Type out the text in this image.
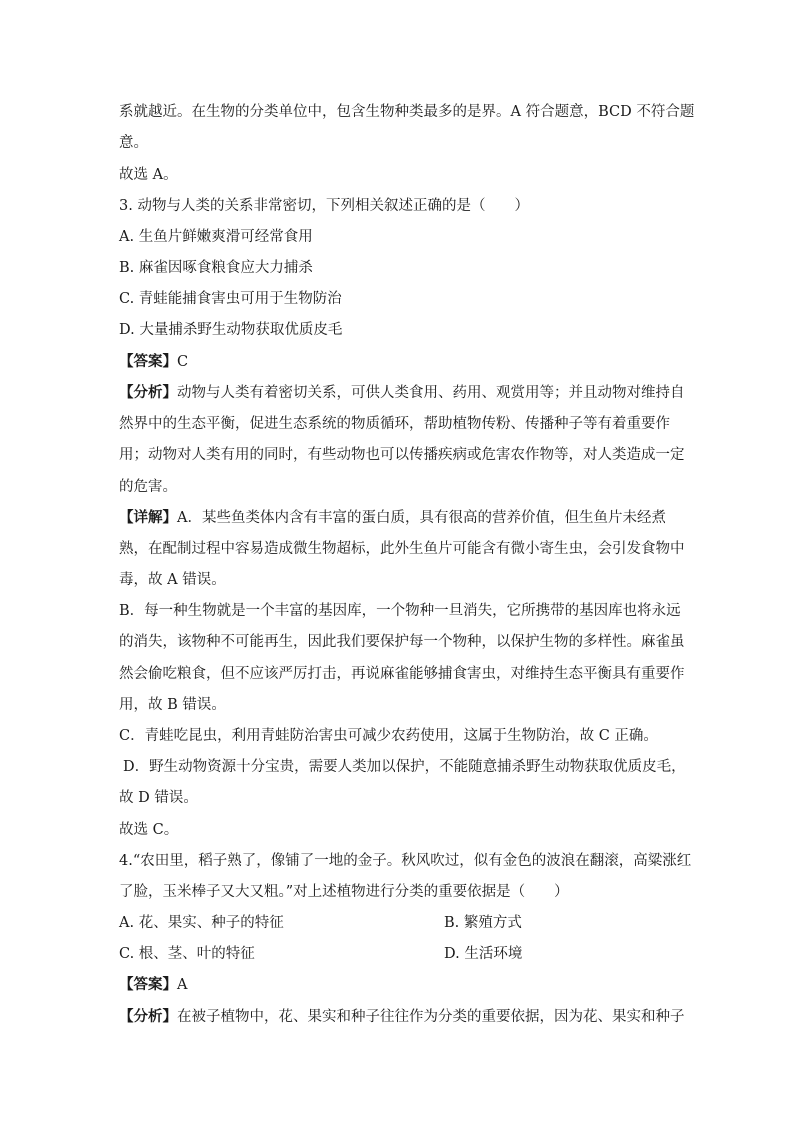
系就越近。在生物的分类单位中，包含生物种类最多的是界。A 符合题意，BCD 不符合题
意。
故选 A。
3. 动物与人类的关系非常密切，下列相关叙述正确的是（　　）
A. 生鱼片鲜嫩爽滑可经常食用
B. 麻雀因啄食粮食应大力捕杀
C. 青蛙能捕食害虫可用于生物防治
D. 大量捕杀野生动物获取优质皮毛
【答案】C
【分析】动物与人类有着密切关系，可供人类食用、药用、观赏用等；并且动物对维持自
然界中的生态平衡，促进生态系统的物质循环，帮助植物传粉、传播种子等有着重要作
用；动物对人类有用的同时，有些动物也可以传播疾病或危害农作物等，对人类造成一定
的危害。
【详解】A．某些鱼类体内含有丰富的蛋白质，具有很高的营养价值，但生鱼片未经煮
熟，在配制过程中容易造成微生物超标，此外生鱼片可能含有微小寄生虫，会引发食物中
毒，故 A 错误。
B．每一种生物就是一个丰富的基因库，一个物种一旦消失，它所携带的基因库也将永远
的消失，该物种不可能再生，因此我们要保护每一个物种，以保护生物的多样性。麻雀虽
然会偷吃粮食，但不应该严厉打击，再说麻雀能够捕食害虫，对维持生态平衡具有重要作
用，故 B 错误。
C．青蛙吃昆虫，利用青蛙防治害虫可减少农药使用，这属于生物防治，故 C 正确。
D．野生动物资源十分宝贵，需要人类加以保护，不能随意捕杀野生动物获取优质皮毛，
故 D 错误。
故选 C。
4.“农田里，稻子熟了，像铺了一地的金子。秋风吹过，似有金色的波浪在翻滚，高粱涨红
了脸，玉米棒子又大又粗。”对上述植物进行分类的重要依据是（　　）
A. 花、果实、种子的特征	B. 繁殖方式
C. 根、茎、叶的特征	D. 生活环境
【答案】A
【分析】在被子植物中，花、果实和种子往往作为分类的重要依据，因为花、果实和种子
